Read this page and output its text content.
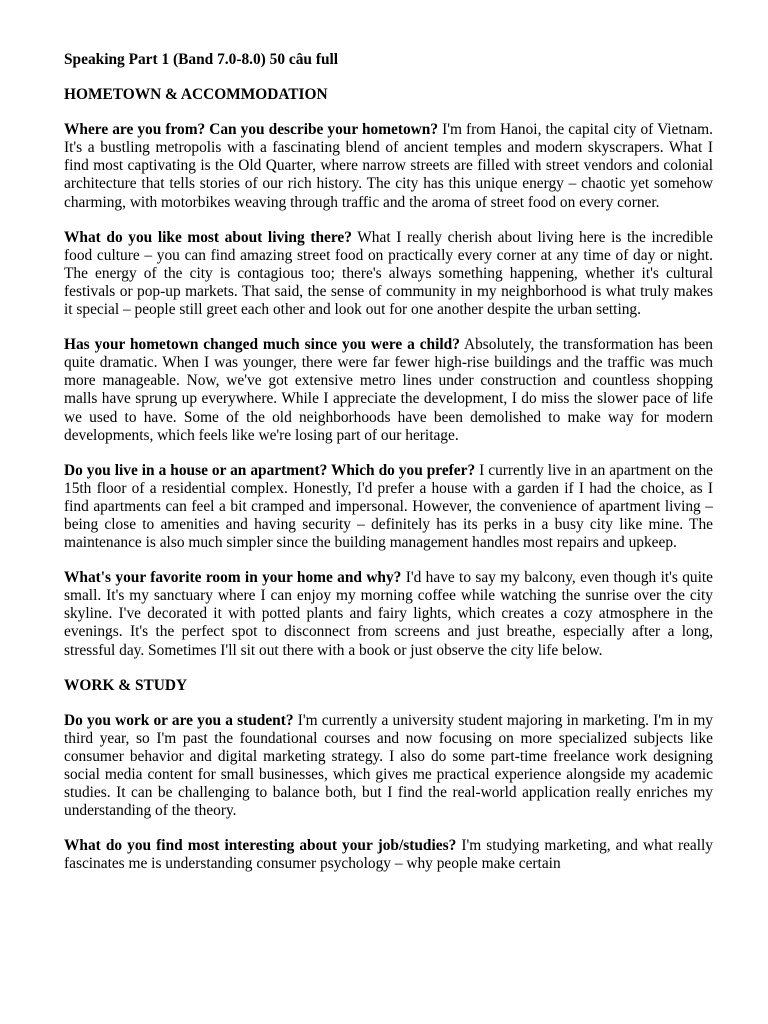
Speaking Part 1 (Band 7.0-8.0) 50 câu full
HOMETOWN & ACCOMMODATION
Where are you from? Can you describe your hometown? I'm from Hanoi, the capital city of Vietnam. It's a bustling metropolis with a fascinating blend of ancient temples and modern skyscrapers. What I find most captivating is the Old Quarter, where narrow streets are filled with street vendors and colonial architecture that tells stories of our rich history. The city has this unique energy – chaotic yet somehow charming, with motorbikes weaving through traffic and the aroma of street food on every corner.
What do you like most about living there? What I really cherish about living here is the incredible food culture – you can find amazing street food on practically every corner at any time of day or night. The energy of the city is contagious too; there's always something happening, whether it's cultural festivals or pop-up markets. That said, the sense of community in my neighborhood is what truly makes it special – people still greet each other and look out for one another despite the urban setting.
Has your hometown changed much since you were a child? Absolutely, the transformation has been quite dramatic. When I was younger, there were far fewer high-rise buildings and the traffic was much more manageable. Now, we've got extensive metro lines under construction and countless shopping malls have sprung up everywhere. While I appreciate the development, I do miss the slower pace of life we used to have. Some of the old neighborhoods have been demolished to make way for modern developments, which feels like we're losing part of our heritage.
Do you live in a house or an apartment? Which do you prefer? I currently live in an apartment on the 15th floor of a residential complex. Honestly, I'd prefer a house with a garden if I had the choice, as I find apartments can feel a bit cramped and impersonal. However, the convenience of apartment living – being close to amenities and having security – definitely has its perks in a busy city like mine. The maintenance is also much simpler since the building management handles most repairs and upkeep.
What's your favorite room in your home and why? I'd have to say my balcony, even though it's quite small. It's my sanctuary where I can enjoy my morning coffee while watching the sunrise over the city skyline. I've decorated it with potted plants and fairy lights, which creates a cozy atmosphere in the evenings. It's the perfect spot to disconnect from screens and just breathe, especially after a long, stressful day. Sometimes I'll sit out there with a book or just observe the city life below.
WORK & STUDY
Do you work or are you a student? I'm currently a university student majoring in marketing. I'm in my third year, so I'm past the foundational courses and now focusing on more specialized subjects like consumer behavior and digital marketing strategy. I also do some part-time freelance work designing social media content for small businesses, which gives me practical experience alongside my academic studies. It can be challenging to balance both, but I find the real-world application really enriches my understanding of the theory.
What do you find most interesting about your job/studies? I'm studying marketing, and what really fascinates me is understanding consumer psychology – why people make certain
